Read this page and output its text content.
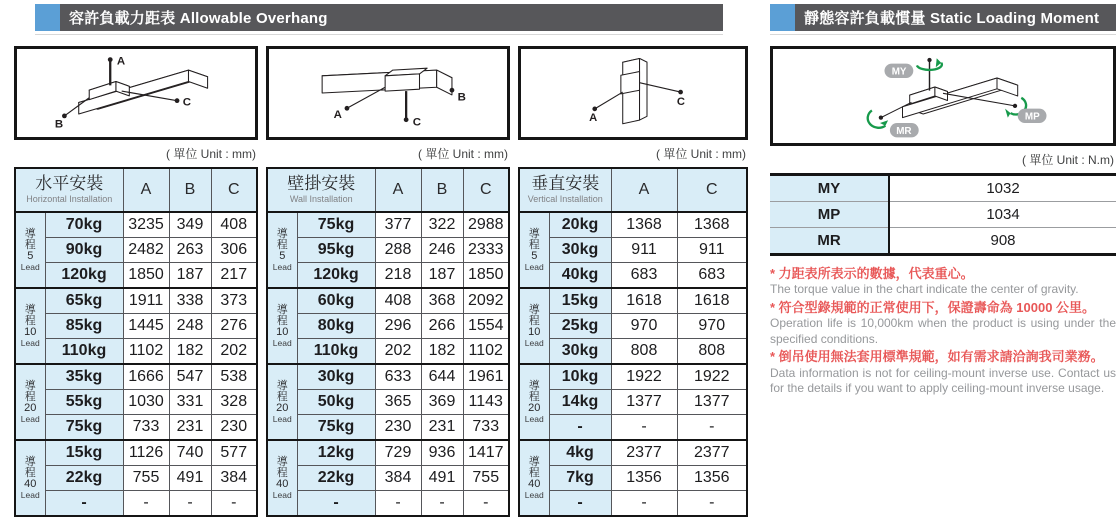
容許負載力距表 Allowable Overhang	靜態容許負載慣量 Static Loading Moment
A
B
C
( 單位 Unit : mm)
水平安裝
Horizontal Installation		A	B	C

導
程
5
Lead	70kg	3235	349	408
	90kg	2482	263	306
	120kg	1850	187	217

導
程
10
Lead	65kg	1911	338	373
	85kg	1445	248	276
	110kg	1102	182	202

導
程
20
Lead	35kg	1666	547	538
	55kg	1030	331	328
	75kg	733	231	230

導
程
40
Lead	15kg	1126	740	577
	22kg	755	491	384
	-	-	-	-
A
B
C
( 單位 Unit : mm)
壁掛安裝
Wall Installation		A	B	C

導
程
5
Lead	75kg	377	322	2988
	95kg	288	246	2333
	120kg	218	187	1850

導
程
10
Lead	60kg	408	368	2092
	80kg	296	266	1554
	110kg	202	182	1102

導
程
20
Lead	30kg	633	644	1961
	50kg	365	369	1143
	75kg	230	231	733

導
程
40
Lead	12kg	729	936	1417
	22kg	384	491	755
	-	-	-	-
A
C
( 單位 Unit : mm)
垂直安裝
Vertical Installation		A	C

導
程
5
Lead	20kg	1368	1368
	30kg	911	911
	40kg	683	683

導
程
10
Lead	15kg	1618	1618
	25kg	970	970
	30kg	808	808

導
程
20
Lead	10kg	1922	1922
	14kg	1377	1377
	-	-	-

導
程
40
Lead	4kg	2377	2377
	7kg	1356	1356
	-	-	-
MY
MP
MR
( 單位 Unit : N.m)
MY	1032
MP	1034
MR	908
* 力距表所表示的數據，代表重心。
The torque value in the chart indicate the center of gravity.
* 符合型錄規範的正常使用下，保證壽命為 10000 公里。
Operation life is 10,000km when the product is using under the specified conditions.
* 倒吊使用無法套用標準規範，如有需求請洽詢我司業務。
Data information is not for ceiling-mount inverse use. Contact us for the details if you want to apply ceiling-mount inverse usage.
